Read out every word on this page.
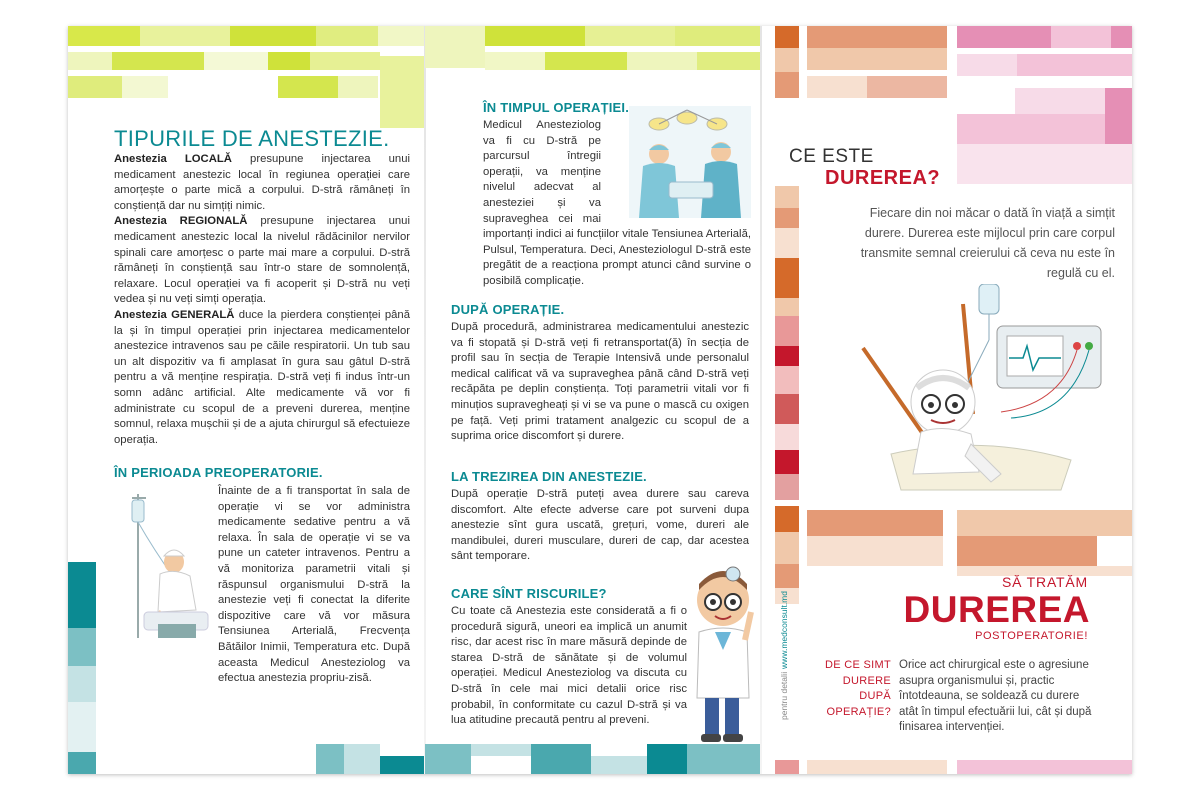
TIPURILE DE ANESTEZIE.

Anestezia LOCALĂ presupune injectarea unui medicament anestezic local în regiunea operației care amorțește o parte mică a corpului. D-stră rămâneți în conștiență dar nu simțiți nimic.
Anestezia REGIONALĂ presupune injectarea unui medicament anestezic local la nivelul rădăcinilor nervilor spinali care amorțesc o parte mai mare a corpului. D-stră rămâneți în conștiență sau într-o stare de somnolență, relaxare. Locul operației va fi acoperit și D-stră nu veți vedea și nu veți simți operația.
Anestezia GENERALĂ duce la pierdera conștienței până la și în timpul operației prin injectarea medicamentelor anestezice intravenos sau pe căile respiratorii. Un tub sau un alt dispozitiv va fi amplasat în gura sau gâtul D-stră pentru a vă menține respirația. D-stră veți fi indus într-un somn adânc artificial. Alte medicamente vă vor fi administrate cu scopul de a preveni durerea, menține somnul, relaxa mușchii și de a ajuta chirurgul să efectuieze operația.

ÎN PERIOADA PREOPERATORIE.

Înainte de a fi transportat în sala de operație vi se vor administra medicamente sedative pentru a vă relaxa. În sala de operație vi se va pune un cateter intravenos. Pentru a vă monitoriza parametrii vitali și răspunsul organismului D-stră la anestezie veți fi conectat la diferite dispozitive care vă vor măsura Tensiunea Arterială, Frecvența Bătăilor Inimii, Temperatura etc. După aceasta Medicul Anesteziolog va efectua anestezia propriu-zisă.

ÎN TIMPUL OPERAȚIEI.
Medicul Anesteziolog va fi cu D-stră pe parcursul întregii operații, va menține nivelul adecvat al anesteziei și va supraveghea cei mai importanți indici ai funcțiilor vitale Tensiunea Arterială, Pulsul, Temperatura. Deci, Anesteziologul D-stră este pregătit de a reacționa prompt atunci când survine o posibilă complicație.
DUPĂ OPERAȚIE.

După procedură, administrarea medicamentului anestezic va fi stopată și D-stră veți fi retransportat(ă) în secția de profil sau în secția de Terapie Intensivă unde personalul medical calificat vă va supraveghea până când D-stră veți recăpăta pe deplin conștiența. Toți parametrii vitali vor fi minuțios supravegheați și vi se va pune o mască cu oxigen pe față. Veți primi tratament analgezic cu scopul de a suprima orice discomfort și durere.

LA TREZIREA DIN ANESTEZIE.

După operație D-stră puteți avea durere sau careva discomfort. Alte efecte adverse care pot surveni dupa anestezie sînt gura uscată, grețuri, vome, dureri ale mandibulei, dureri musculare, dureri de cap, dar acestea sânt temporare.

CARE SÎNT RISCURILE?

Cu toate că Anestezia este considerată a fi o procedură sigură, uneori ea implică un anumit risc, dar acest risc în mare măsură depinde de starea D-stră de sănătate și de volumul operației. Medicul Anesteziolog va discuta cu D-stră în cele mai mici detalii orice risc probabil, în conformitate cu cazul D-stră și va lua atitudine precautǎ pentru al preveni.

pentru detalii www.medconsult.md
CE ESTE
DUREREA?

Fiecare din noi măcar o dată în viață a simțit durere. Durerea este mijlocul prin care corpul transmite semnal creierului că ceva nu este în regulă cu el.

SĂ TRATĂM
DUREREA
POSTOPERATORIE!
DE CE SIMT DURERE DUPĂ OPERAȚIE?

Orice act chirurgical este o agresiune asupra organismului și, practic întotdeauna, se soldează cu durere atât în timpul efectuării lui, cât și după finisarea intervenției.
